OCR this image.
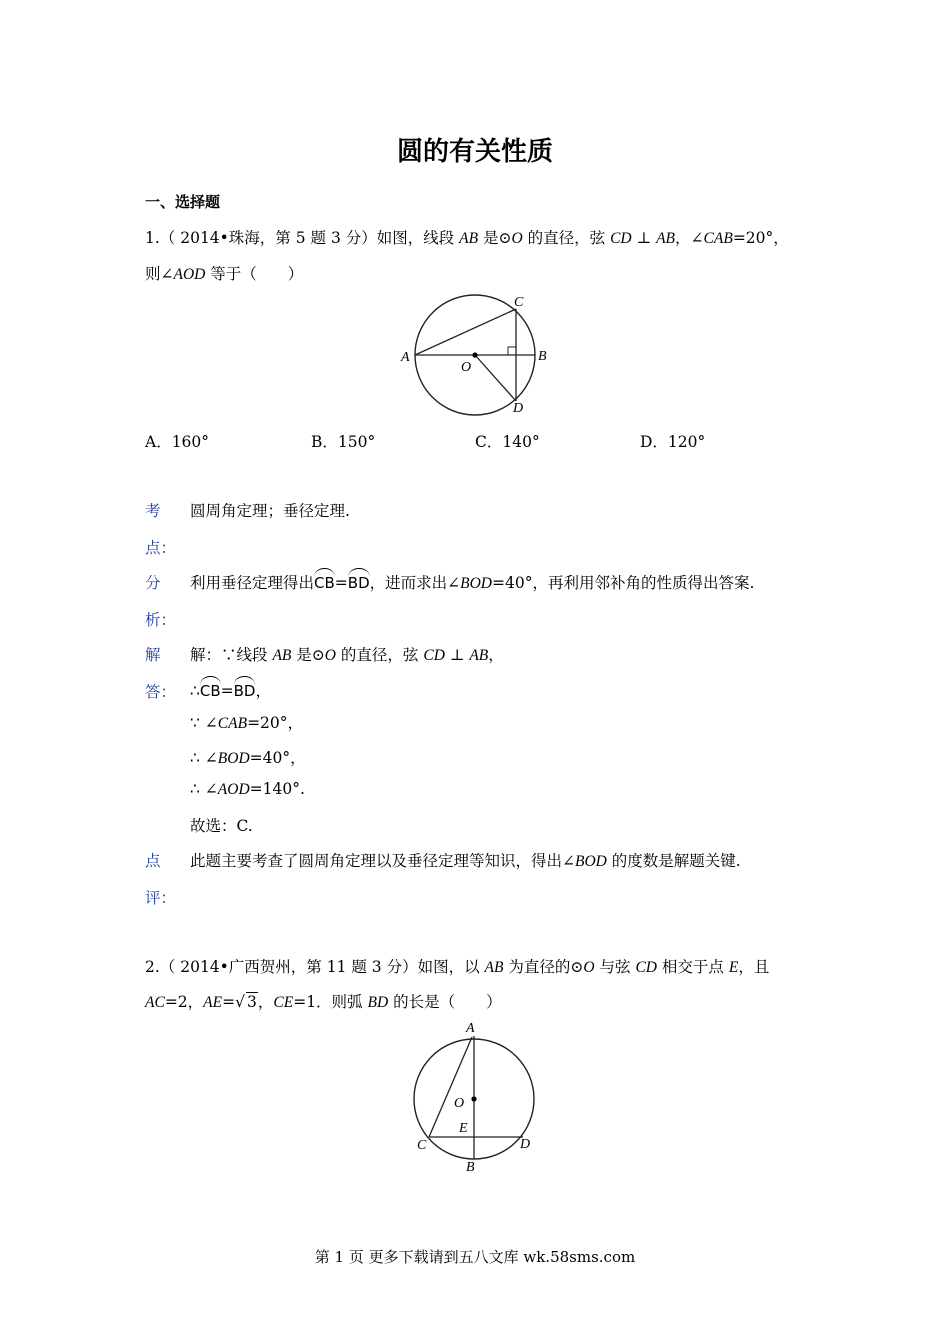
圆的有关性质
一、选择题
1.（ 2014•珠海，第 5 题 3 分）如图，线段 AB 是⊙O 的直径，弦 CD ⊥ AB，∠CAB=20°，
则∠AOD 等于（　　）
A	B
C
D
O
A．160°	B．150°	C．140°	D．120°
考
点：
圆周角定理；垂径定理.
分
析：
利用垂径定理得出CB=BD，进而求出∠BOD=40°，再利用邻补角的性质得出答案.
解
答：
解：∵线段 AB 是⊙O 的直径，弦 CD ⊥ AB，
∴CB=BD，
∵ ∠CAB=20°，
∴ ∠BOD=40°，
∴ ∠AOD=140°.
故选：C.
点
评：
此题主要考查了圆周角定理以及垂径定理等知识，得出∠BOD 的度数是解题关键.
2.（ 2014•广西贺州，第 11 题 3 分）如图，以 AB 为直径的⊙O 与弦 CD 相交于点 E，且
AC=2，AE=√ 3，CE=1．则弧 BD 的长是（　　）
A
B
C	D
O
E
第 1 页 更多下载请到五八文库 wk.58sms.com
